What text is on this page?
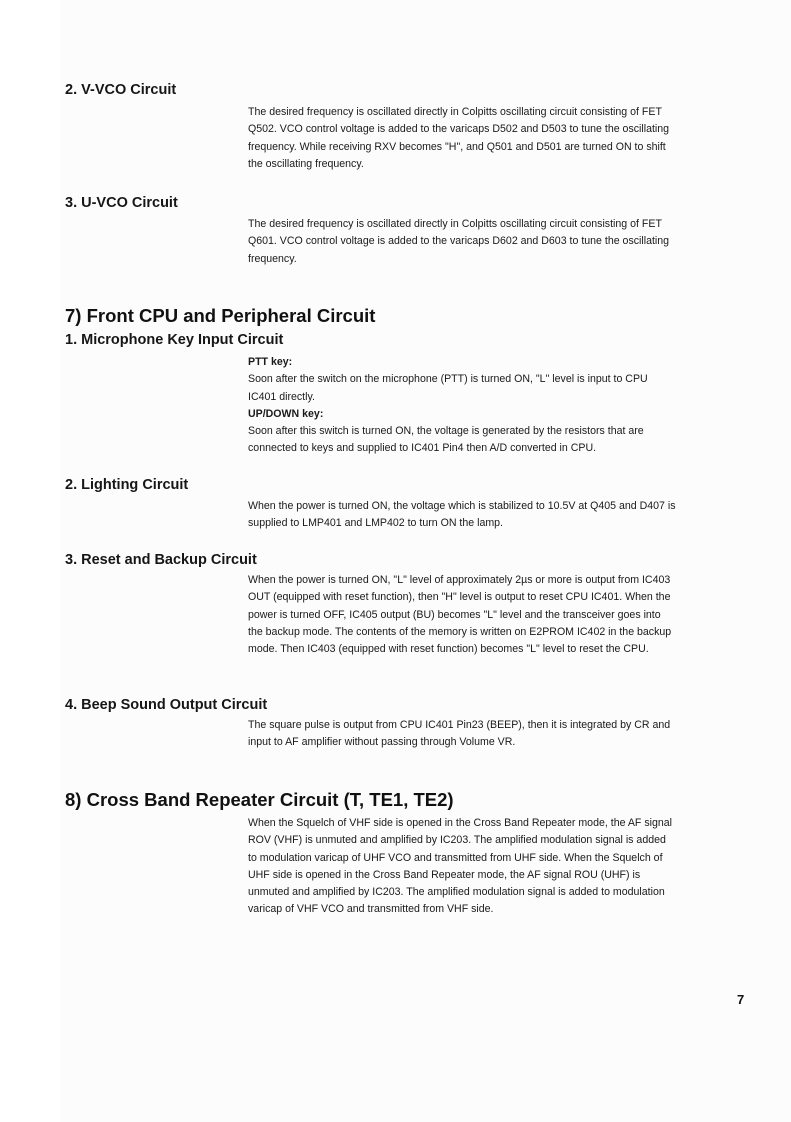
2. V-VCO Circuit

The desired frequency is oscillated directly in Colpitts oscillating circuit consisting of FET Q502. VCO control voltage is added to the varicaps D502 and D503 to tune the oscillating frequency. While receiving RXV becomes "H", and Q501 and D501 are turned ON to shift the oscillating frequency.

3. U-VCO Circuit

The desired frequency is oscillated directly in Colpitts oscillating circuit consisting of FET Q601. VCO control voltage is added to the varicaps D602 and D603 to tune the oscillating frequency.

7) Front CPU and Peripheral Circuit
1. Microphone Key Input Circuit

PTT key:

Soon after the switch on the microphone (PTT) is turned ON, "L" level is input to CPU IC401 directly.

UP/DOWN key:

Soon after this switch is turned ON, the voltage is generated by the resistors that are connected to keys and supplied to IC401 Pin4 then A/D converted in CPU.

2. Lighting Circuit

When the power is turned ON, the voltage which is stabilized to 10.5V at Q405 and D407 is supplied to LMP401 and LMP402 to turn ON the lamp.

3. Reset and Backup Circuit

When the power is turned ON, "L" level of approximately 2µs or more is output from IC403 OUT (equipped with reset function), then "H" level is output to reset CPU IC401. When the power is turned OFF, IC405 output (BU) becomes "L" level and the transceiver goes into the backup mode. The contents of the memory is written on E2PROM IC402 in the backup mode. Then IC403 (equipped with reset function) becomes "L" level to reset the CPU.

4. Beep Sound Output Circuit

The square pulse is output from CPU IC401 Pin23 (BEEP), then it is integrated by CR and input to AF amplifier without passing through Volume VR.

8) Cross Band Repeater Circuit (T, TE1, TE2)

When the Squelch of VHF side is opened in the Cross Band Repeater mode, the AF signal ROV (VHF) is unmuted and amplified by IC203. The amplified modulation signal is added to modulation varicap of UHF VCO and transmitted from UHF side. When the Squelch of UHF side is opened in the Cross Band Repeater mode, the AF signal ROU (UHF) is unmuted and amplified by IC203. The amplified modulation signal is added to modulation varicap of VHF VCO and transmitted from VHF side.

7
